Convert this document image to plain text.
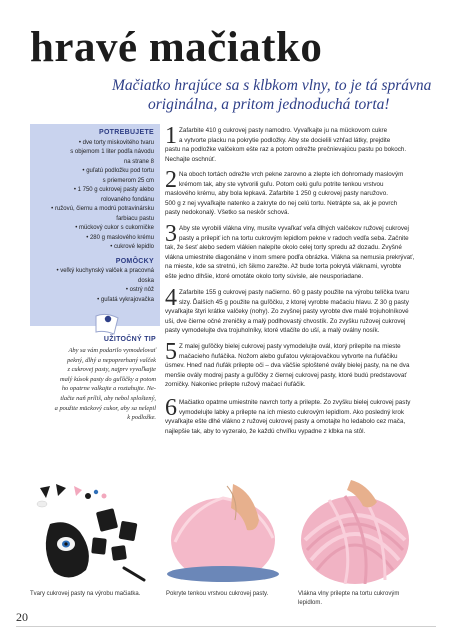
hravé mačiatko
Mačiatko hrajúce sa s klbkom vlny, to je tá správna
originálna, a pritom jednoduchá torta!
POTREBUJETE
• dve torty miskovitého tvaru
s objemom 1 liter podľa návodu
na strane 8
• guľatú podložku pod tortu
s priemerom 25 cm
• 1 750 g cukrovej pasty alebo
rolovaného fondánu
• ružovú, čiernu a modrú potravinársku
farbiacu pastu
• mückový cukor s cukorničke
• 280 g maslového krému
• cukrové lepidlo
POMÔCKY
• veľký kuchynský valček a pracovná
doska
• ostrý nôž
• guľatá vykrajovačka
UŽITOČNÝ TIP
Aby sa vám podarilo vymodelovať
pekný, dlhý a nepoprerhaný valček
z cukrovej pasty, najprv vyvaľkajte
malý kúsok pasty do guľôčky a potom
ho opatrne valkajte a roztahujte. Ne-
tlačte naň príliš, aby nebol sploštený,
a použite mückový cukor, aby sa nelepil
k podložke.
1 Zafarbite 410 g cukrovej pasty namodro. Vyvaľkajte ju na mückovom cukre
a vytvorte placku na pokrytie podložky. Aby ste docielili vzhľad látky, prejdite
pastu na podložke valčekom ešte raz a potom odrežte prečnievajúcu pastu po bokoch.
Nechajte oschnúť.
2 Na oboch tortách odrežte vrch pekne zarovno a zlepte ich dohromady maslovým
krémom tak, aby ste vytvorili guľu. Potom celú guľu potrite tenkou vrstvou
maslového krému, aby bola lepkavá. Zafarbite 1 250 g cukrovej pasty naružovo.
500 g z nej vyvaľkajte natenko a zakryte do nej celú tortu. Netrápte sa, ak je povrch
pasty nedokonalý. Všetko sa neskôr schová.
3 Aby ste vyrobili vlákna vlny, musíte vyvaľkať veľa dlhých valčekov ružovej cukrovej
pasty a prilepiť ich na tortu cukrovým lepidlom pekne v radoch vedľa seba. Začnite
tak, že šesť alebo sedem vlákien nalepíte okolo celej torty spredu až dozadu. Zvyšné
vlákna umiestnite diagonálne v inom smere podľa obrázka. Vlákna sa nemusia prekrývať,
na mieste, kde sa stretnú, ich šikmo zarežte. Až bude torta pokrytá vláknami, vyrobte
ešte jedno dlhšie, ktoré omotáte okolo torty súvisle, ale neusporiadane.
4 Zafarbite 155 g cukrovej pasty načierno. 60 g pasty použite na výrobu telíčka tvaru
slzy. Ďalších 45 g použite na guľôčku, z ktorej vyrobte mačaciu hlavu. Z 30 g pasty
vyvaľkajte štyri krátke valčeky (nohy). Zo zvyšnej pasty vyrobte dve malé trojuholníkové
uši, dve čierne očné zreničky a malý podlhovastý chvostík. Zo zvyšku ružovej cukrovej
pasty vymodelujte dva trojuholníky, ktoré vtlačíte do uší, a malý oválny nosík.
5 Z malej guľôčky bielej cukrovej pasty vymodelujte ovál, ktorý prilepíte na mieste
mačacieho ňufáčika. Nožom alebo guľatou vykrajovačkou vytvorte na ňufáčiku
úsmev. Hneď nad ňufák prilepte oči – dva väčšie sploštené ovály bielej pasty, na ne dva
menšie ovály modrej pasty a guľôčky z čiernej cukrovej pasty, ktoré budú predstavovať
zorničky. Nakoniec prilepte ružový mačací ňufáčik.
6 Mačiatko opatrne umiestnite navrch torty a prilepte. Zo zvyšku bielej cukrovej pasty
vymodelujte labky a prilepte na ich miesto cukrovým lepidlom. Ako posledný krok
vyvaľkajte ešte dlhé vlákno z ružovej cukrovej pasty a omotajte ho ledabolo cez mača,
najlepšie tak, aby to vyzeralo, že každú chvíľku vypadne z klbka na stôl.
Tvary cukrovej pasty na výrobu mačiatka.	Pokryte tenkou vrstvou cukrovej pasty.	Vlákna vlny prilepte na tortu cukrovým
lepidlom.
20
